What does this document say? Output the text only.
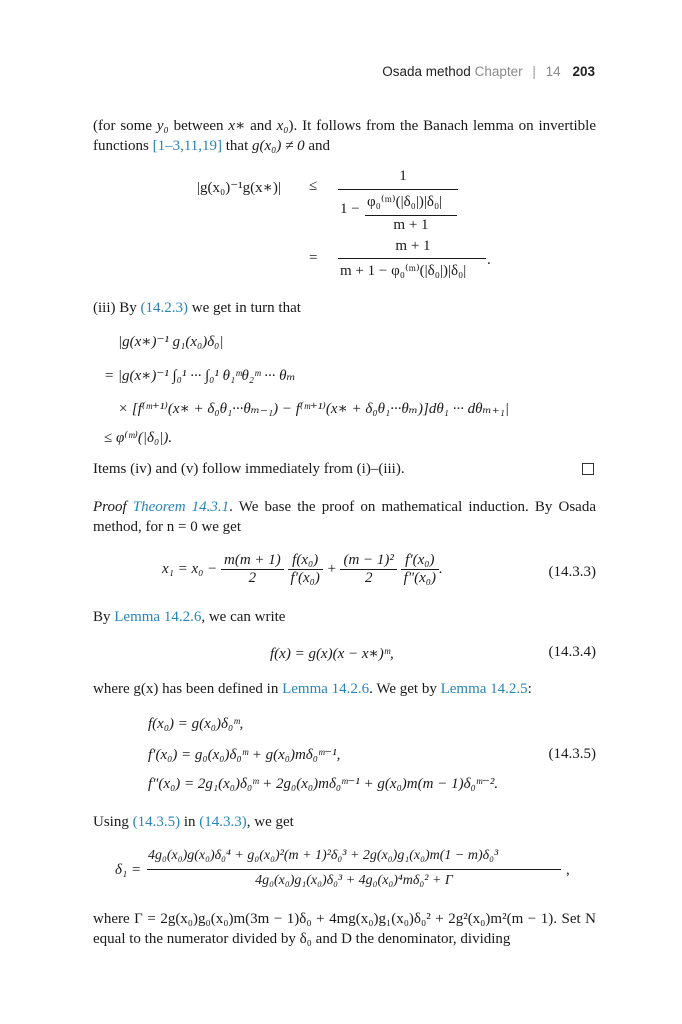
Osada method Chapter | 14 203
(for some y₀ between x∗ and x₀). It follows from the Banach lemma on invertible functions [1–3,11,19] that g(x₀) ≠ 0 and
|g(x₀)⁻¹g(x∗)| ≤
1
1 − φ₀⁽ᵐ⁾(|δ₀|)|δ₀|
m + 1
=
m + 1
m + 1 − φ₀⁽ᵐ⁾(|δ₀|)|δ₀|
.
(iii) By (14.2.3) we get in turn that
|g(x∗)⁻¹ g₁(x₀)δ₀|
= |g(x∗)⁻¹ ∫₀¹ ··· ∫₀¹ θ₁ᵐθ₂ᵐ ··· θₘ
× [f⁽ᵐ⁺¹⁾(x∗ + δ₀θ₁···θₘ₋₁) − f⁽ᵐ⁺¹⁾(x∗ + δ₀θ₁···θₘ)]dθ₁ ··· dθₘ₊₁|
≤ φ⁽ᵐ⁾(|δ₀|).
Items (iv) and (v) follow immediately from (i)–(iii).
Proof Theorem 14.3.1. We base the proof on mathematical induction. By Osada method, for n = 0 we get
$x_1 = x_0 - \frac{m(m + 1)}{2}$
$\frac{\text{f(x₀)}}{\text{f′(x₀)}} + \frac{\text{(m − 1)²}}{2}$
$\frac{\text{f′(x₀)}}{\text{f″(x₀)}}$ .	(14.3.3)
By Lemma 14.2.6, we can write
f(x) = g(x)(x − x∗)ᵐ,	(14.3.4)
where g(x) has been defined in Lemma 14.2.6. We get by Lemma 14.2.5:
f(x₀) = g(x₀)δ₀ᵐ,
f′(x₀) = g₀(x₀)δ₀ᵐ + g(x₀)mδ₀ᵐ⁻¹,
f″(x₀) = 2g₁(x₀)δ₀ᵐ + 2g₀(x₀)mδ₀ᵐ⁻¹ + g(x₀)m(m − 1)δ₀ᵐ⁻².
(14.3.5)
Using (14.3.5) in (14.3.3), we get
δ₁ =
4g₀(x₀)g(x₀)δ₀⁴ + g₀(x₀)²(m + 1)²δ₀³ + 2g(x₀)g₁(x₀)m(1 − m)δ₀³
4g₀(x₀)g₁(x₀)δ₀³ + 4g₀(x₀)⁴mδ₀² + Γ
,
where Γ = 2g(x₀)g₀(x₀)m(3m − 1)δ₀ + 4mg(x₀)g₁(x₀)δ₀² + 2g²(x₀)m²(m − 1). Set N equal to the numerator divided by δ₀ and D the denominator, dividing
